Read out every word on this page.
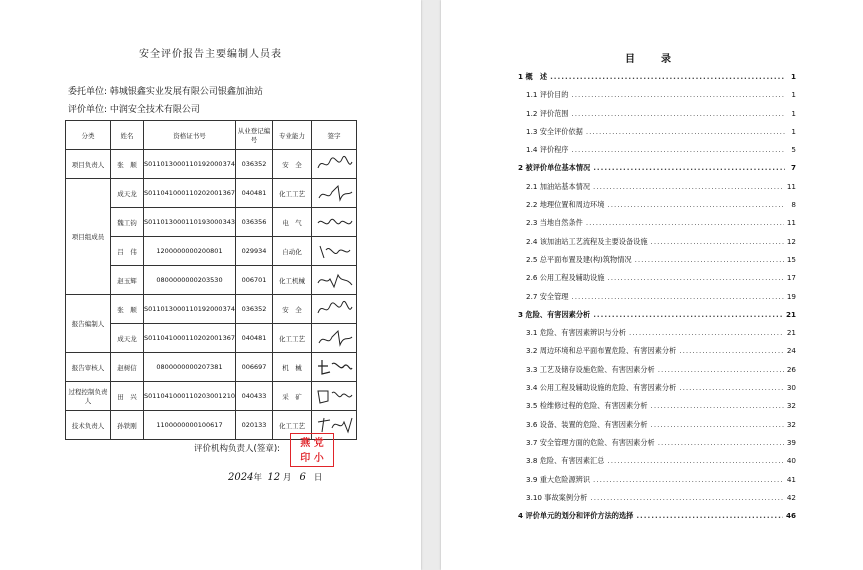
安全评价报告主要编制人员表
委托单位: 韩城银鑫实业发展有限公司银鑫加油站
评价单位: 中润安全技术有限公司
分类	姓名	资格证书号	从业登记编号	专业能力	签字
项目负责人	张　顺	S011013000110192000374	036352	安　全	

项目组成员	成天龙	S011041000110202001367	040481	化工工艺	

	魏工钧	S011013000110193000343	036356	电　气	

	吕　伟	1200000000200801	029934	自动化	

	赵玉辉	0800000000203530	006701	化工机械	

报告编制人	张　顺	S011013000110192000374	036352	安　全	

	成天龙	S011041000110202001367	040481	化工工艺	

报告审核人	赵树信	0800000000207381	006697	机　械	

过程控制负责人	田　兴	S011041000110203001210	040433	采　矿	

技术负责人	孙铁刚	1100000000100617	020133	化工工艺	
评价机构负责人(签章):	燕 党
印 小
2024年 12 月 6 日
目　录
1 概　述 .....	1
1.1 评价目的 .....	1
1.2 评价范围 .....	1
1.3 安全评价依据 .....	1
1.4 评价程序 .....	5
2 被评价单位基本情况 .....	7
2.1 加油站基本情况 .....	11
2.2 地理位置和周边环境 .....	8
2.3 当地自然条件 .....	11
2.4 该加油站工艺流程及主要设备设施 .....	12
2.5 总平面布置及建(构)筑物情况 .....	15
2.6 公用工程及辅助设施 .....	17
2.7 安全管理 .....	19
3 危险、有害因素分析 .....	21
3.1 危险、有害因素辨识与分析 .....	21
3.2 周边环境和总平面布置危险、有害因素分析 .....	24
3.3 工艺及储存设施危险、有害因素分析 .....	26
3.4 公用工程及辅助设施的危险、有害因素分析 .....	30
3.5 检维修过程的危险、有害因素分析 .....	32
3.6 设备、装置的危险、有害因素分析 .....	32
3.7 安全管理方面的危险、有害因素分析 .....	39
3.8 危险、有害因素汇总 .....	40
3.9 重大危险源辨识 .....	41
3.10 事故案例分析 .....	42
4 评价单元的划分和评价方法的选择 .....	46
